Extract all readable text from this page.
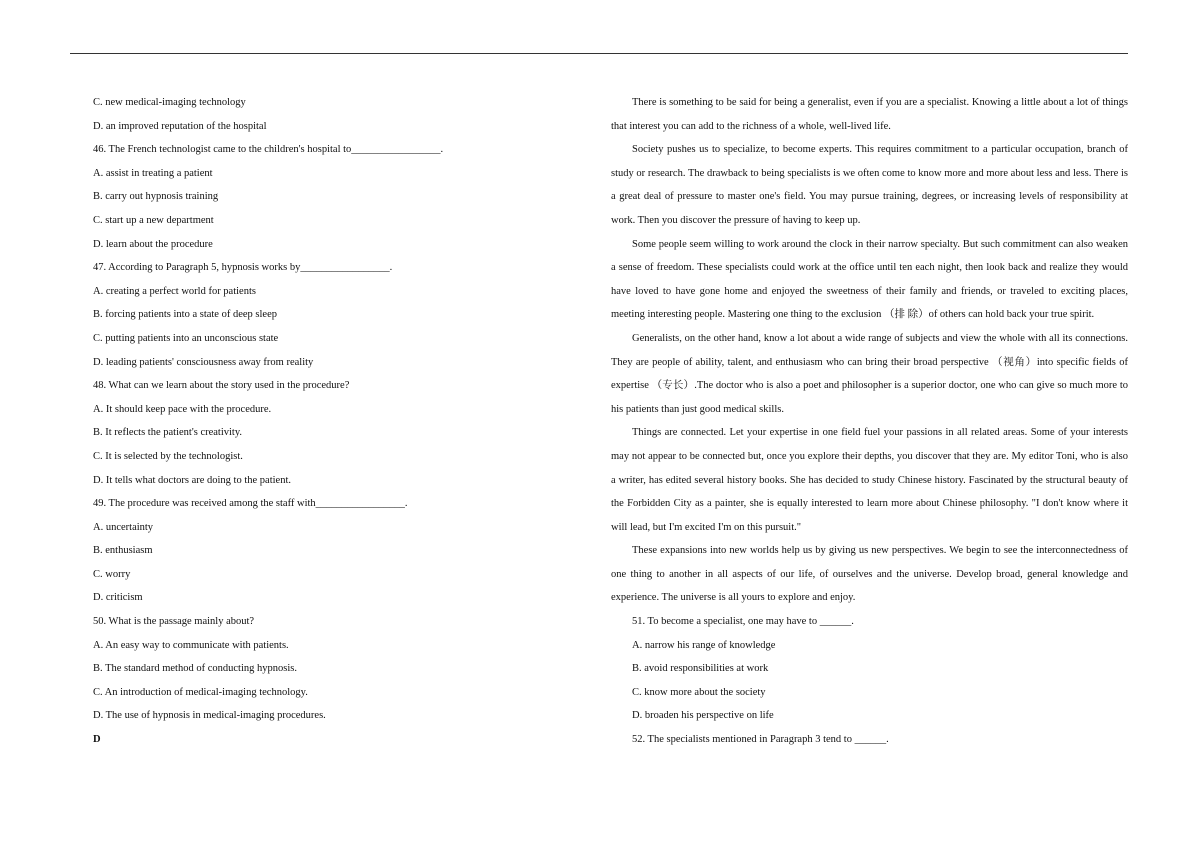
C. new medical-imaging technology
D. an improved reputation of the hospital
46. The French technologist came to the children's hospital to_________________.
A. assist in treating a patient
B. carry out hypnosis training
C. start up a new department
D. learn about the procedure
47. According to Paragraph 5, hypnosis works by_________________.
A. creating a perfect world for patients
B. forcing patients into a state of deep sleep
C. putting patients into an unconscious state
D. leading patients' consciousness away from reality
48. What can we learn about the story used in the procedure?
A. It should keep pace with the procedure.
B. It reflects the patient's creativity.
C. It is selected by the technologist.
D. It tells what doctors are doing to the patient.
49. The procedure was received among the staff with_________________.
A. uncertainty
B. enthusiasm
C. worry
D. criticism
50. What is the passage mainly about?
A. An easy way to communicate with patients.
B. The standard method of conducting hypnosis.
C. An introduction of medical-imaging technology.
D. The use of hypnosis in medical-imaging procedures.
D

There is something to be said for being a generalist, even if you are a specialist. Knowing a little about a lot of things that interest you can add to the richness of a whole, well-lived life.

Society pushes us to specialize, to become experts. This requires commitment to a particular occupation, branch of study or research. The drawback to being specialists is we often come to know more and more about less and less. There is a great deal of pressure to master one's field. You may pursue training, degrees, or increasing levels of responsibility at work. Then you discover the pressure of having to keep up.

Some people seem willing to work around the clock in their narrow specialty. But such commitment can also weaken a sense of freedom. These specialists could work at the office until ten each night, then look back and realize they would have loved to have gone home and enjoyed the sweetness of their family and friends, or traveled to exciting places, meeting interesting people. Mastering one thing to the exclusion （排 除）of others can hold back your true spirit.

Generalists, on the other hand, know a lot about a wide range of subjects and view the whole with all its connections. They are people of ability, talent, and enthusiasm who can bring their broad perspective （视角）into specific fields of expertise （专长）.The doctor who is also a poet and philosopher is a superior doctor, one who can give so much more to his patients than just good medical skills.

Things are connected. Let your expertise in one field fuel your passions in all related areas. Some of your interests may not appear to be connected but, once you explore their depths, you discover that they are. My editor Toni, who is also a writer, has edited several history books. She has decided to study Chinese history. Fascinated by the structural beauty of the Forbidden City as a painter, she is equally interested to learn more about Chinese philosophy. "I don't know where it will lead, but I'm excited I'm on this pursuit."

These expansions into new worlds help us by giving us new perspectives. We begin to see the interconnectedness of one thing to another in all aspects of our life, of ourselves and the universe. Develop broad, general knowledge and experience. The universe is all yours to explore and enjoy.

51. To become a specialist, one may have to ______.
A. narrow his range of knowledge
B. avoid responsibilities at work
C. know more about the society
D. broaden his perspective on life
52. The specialists mentioned in Paragraph 3 tend to ______.
